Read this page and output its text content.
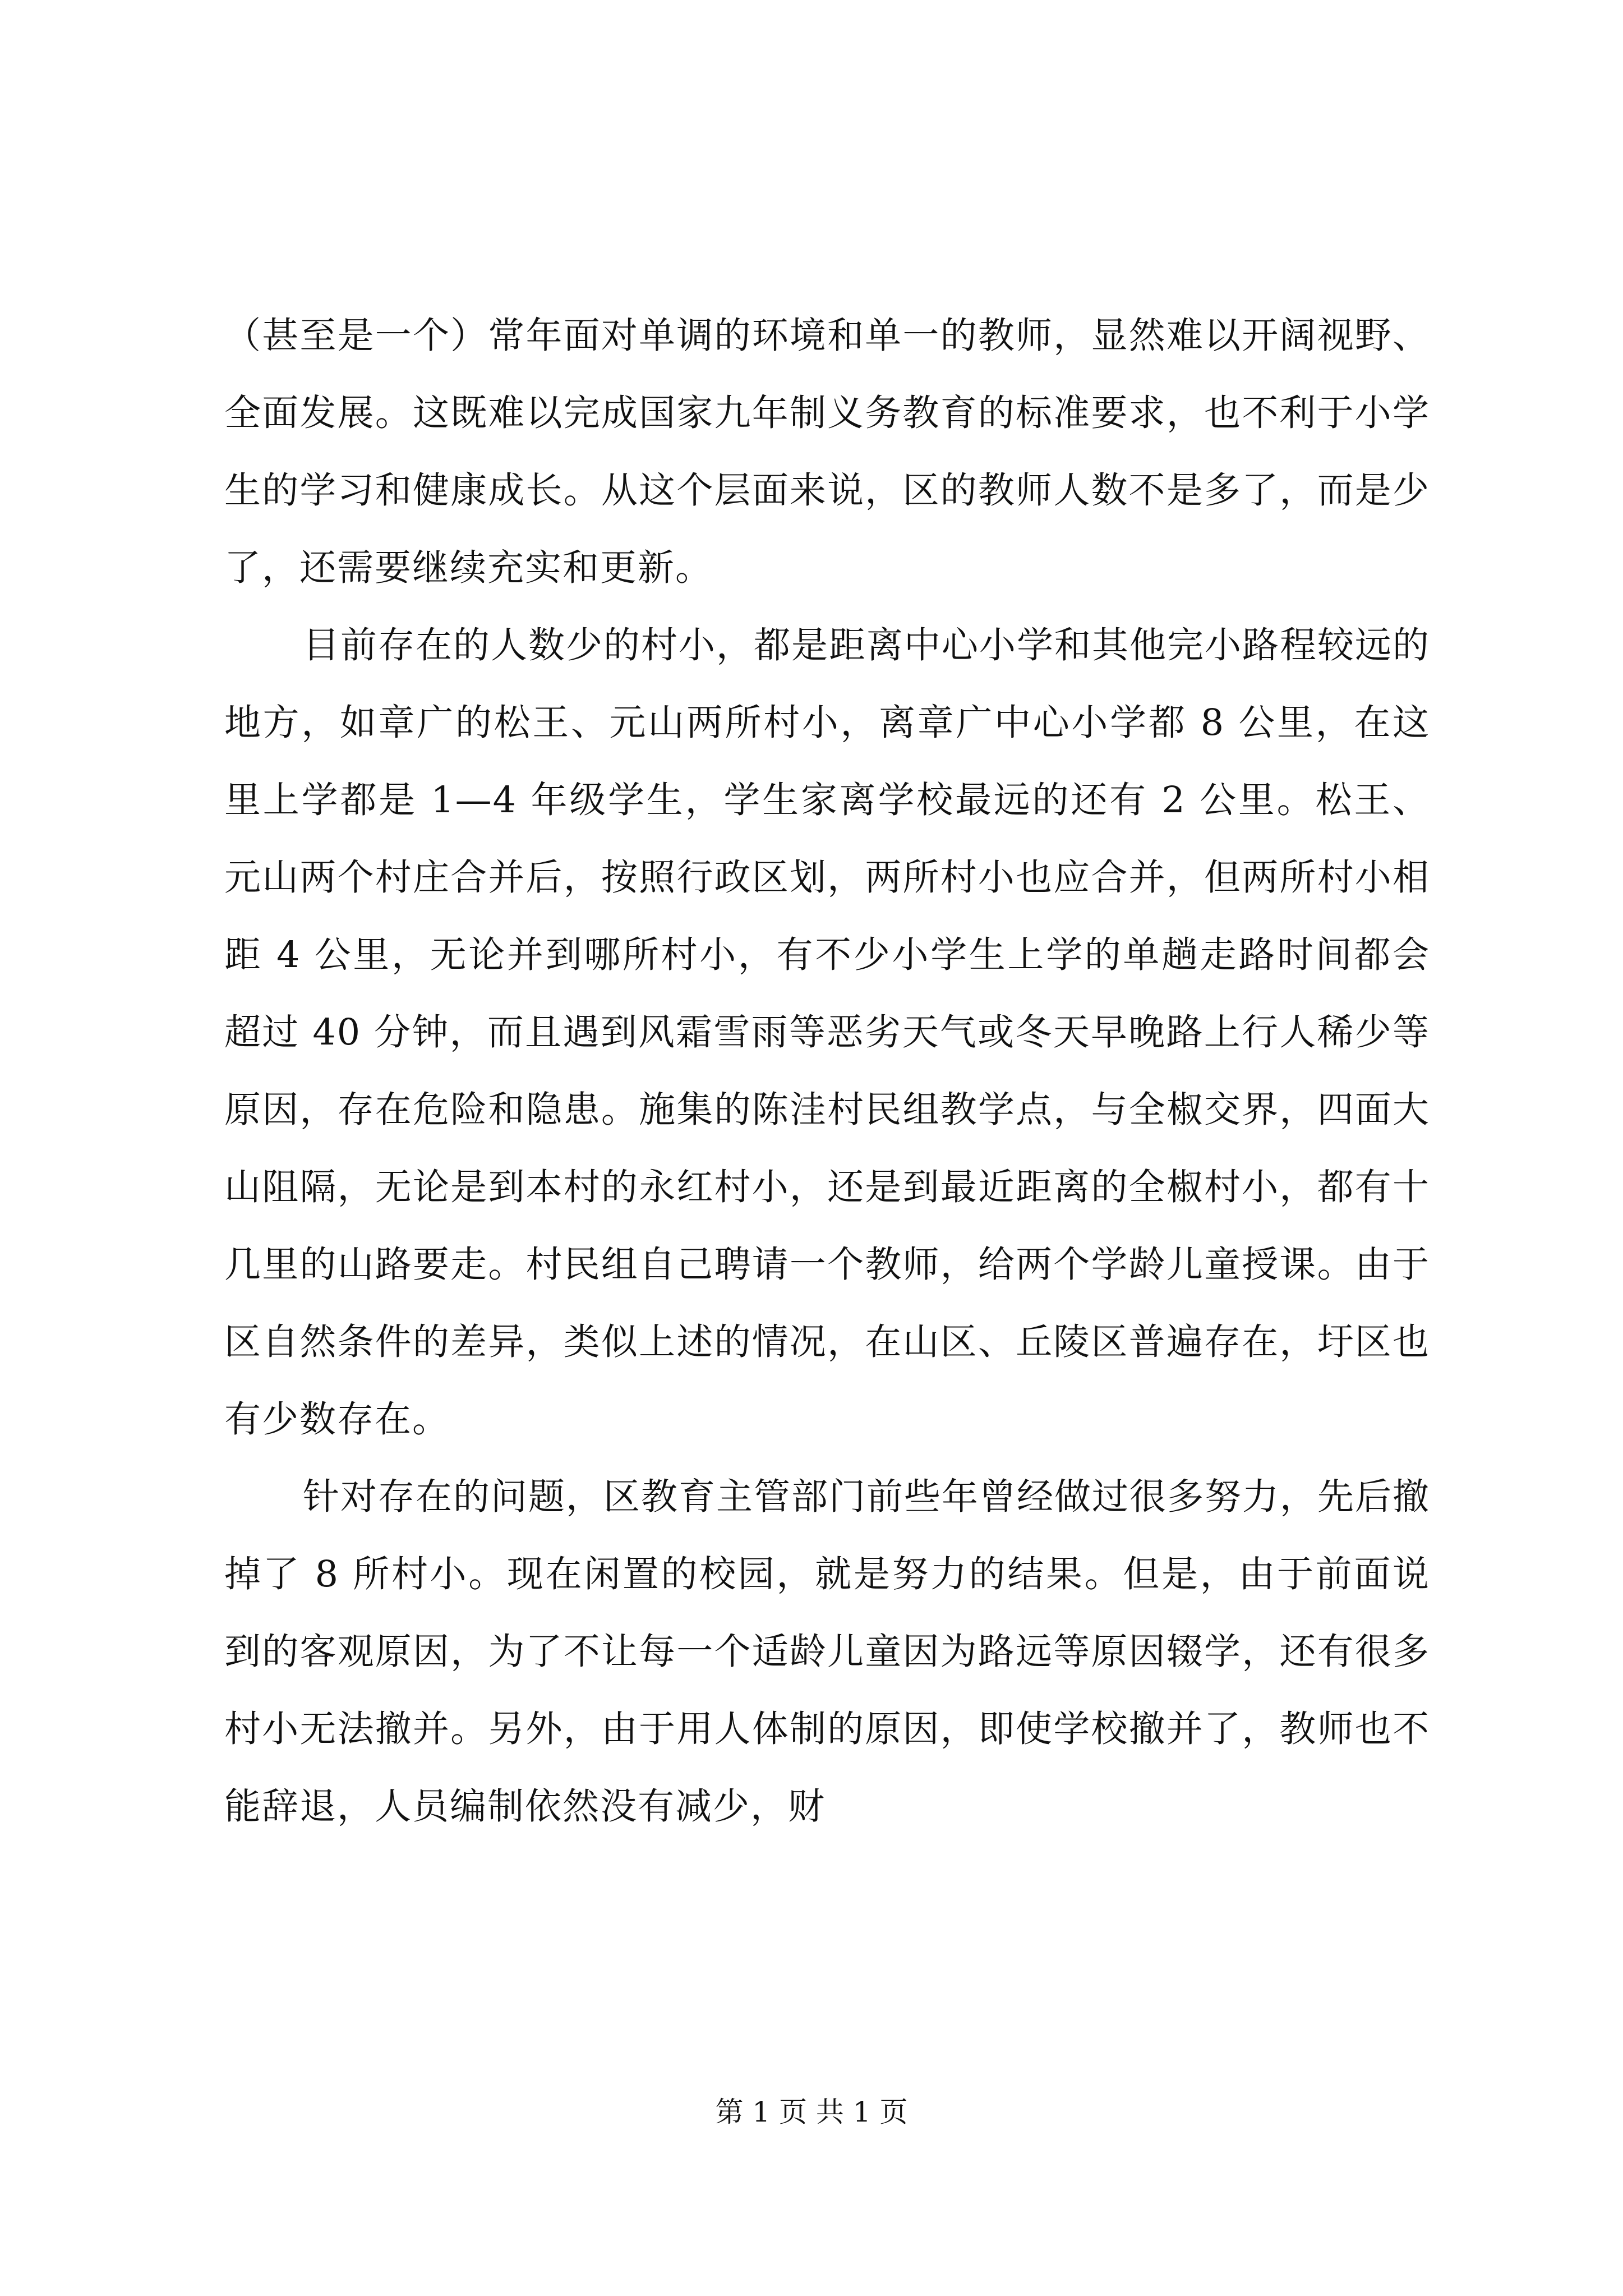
（甚至是一个）常年面对单调的环境和单一的教师，显然难以开阔视野、全面发展。这既难以完成国家九年制义务教育的标准要求，也不利于小学生的学习和健康成长。从这个层面来说，区的教师人数不是多了，而是少了，还需要继续充实和更新。

目前存在的人数少的村小，都是距离中心小学和其他完小路程较远的地方，如章广的松王、元山两所村小，离章广中心小学都 8 公里，在这里上学都是 1—4 年级学生，学生家离学校最远的还有 2 公里。松王、元山两个村庄合并后，按照行政区划，两所村小也应合并，但两所村小相距 4 公里，无论并到哪所村小，有不少小学生上学的单趟走路时间都会超过 40 分钟，而且遇到风霜雪雨等恶劣天气或冬天早晚路上行人稀少等原因，存在危险和隐患。施集的陈洼村民组教学点，与全椒交界，四面大山阻隔，无论是到本村的永红村小，还是到最近距离的全椒村小，都有十几里的山路要走。村民组自己聘请一个教师，给两个学龄儿童授课。由于区自然条件的差异，类似上述的情况，在山区、丘陵区普遍存在，圩区也有少数存在。

针对存在的问题，区教育主管部门前些年曾经做过很多努力，先后撤掉了 8 所村小。现在闲置的校园，就是努力的结果。但是，由于前面说到的客观原因，为了不让每一个适龄儿童因为路远等原因辍学，还有很多村小无法撤并。另外，由于用人体制的原因，即使学校撤并了，教师也不能辞退，人员编制依然没有减少，财

第 1 页 共 1 页
